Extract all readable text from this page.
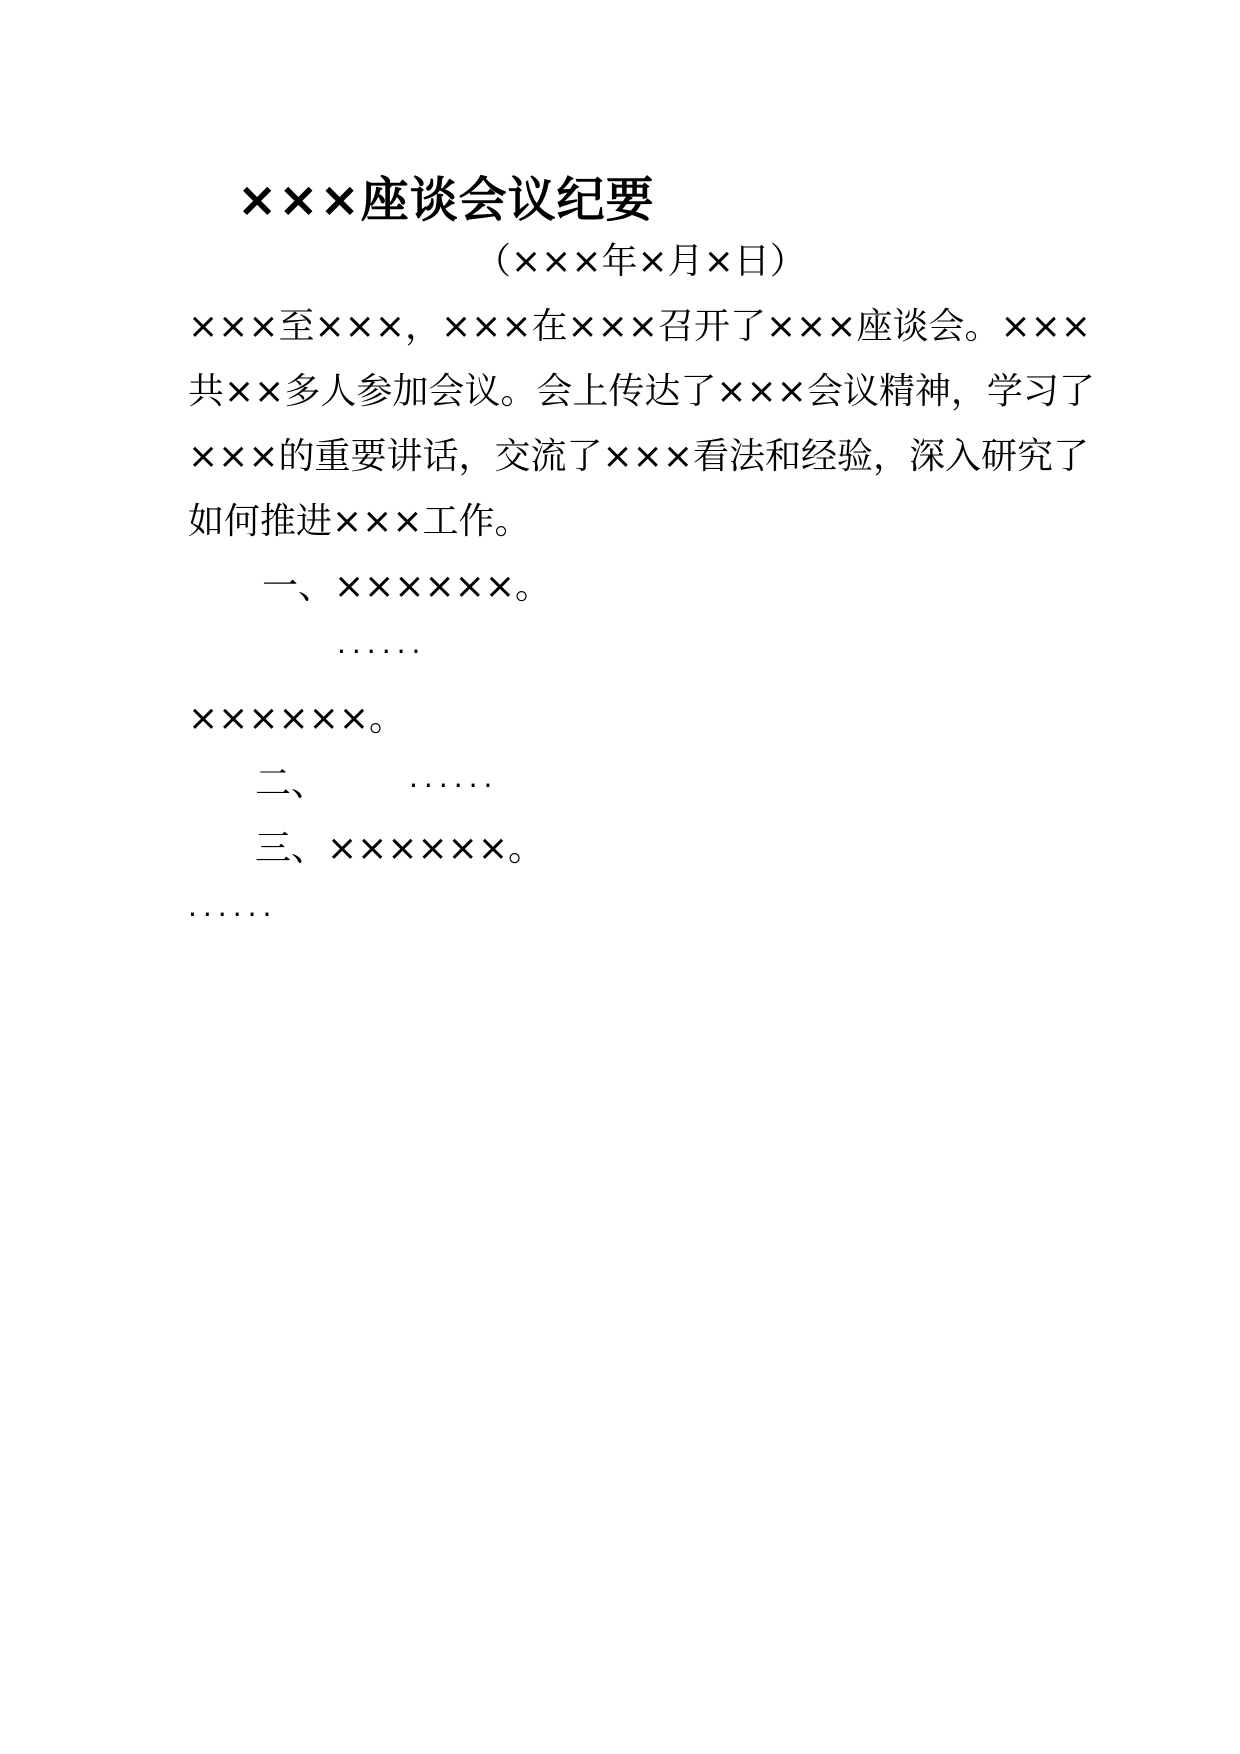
×××座谈会议纪要
（×××年×月×日）
×××至×××，×××在×××召开了×××座谈会。×××
共××多人参加会议。会上传达了×××会议精神，学习了
×××的重要讲话，交流了×××看法和经验，深入研究了
如何推进×××工作。
一、××××××。
······
××××××。
二、	······
三、××××××。
······
